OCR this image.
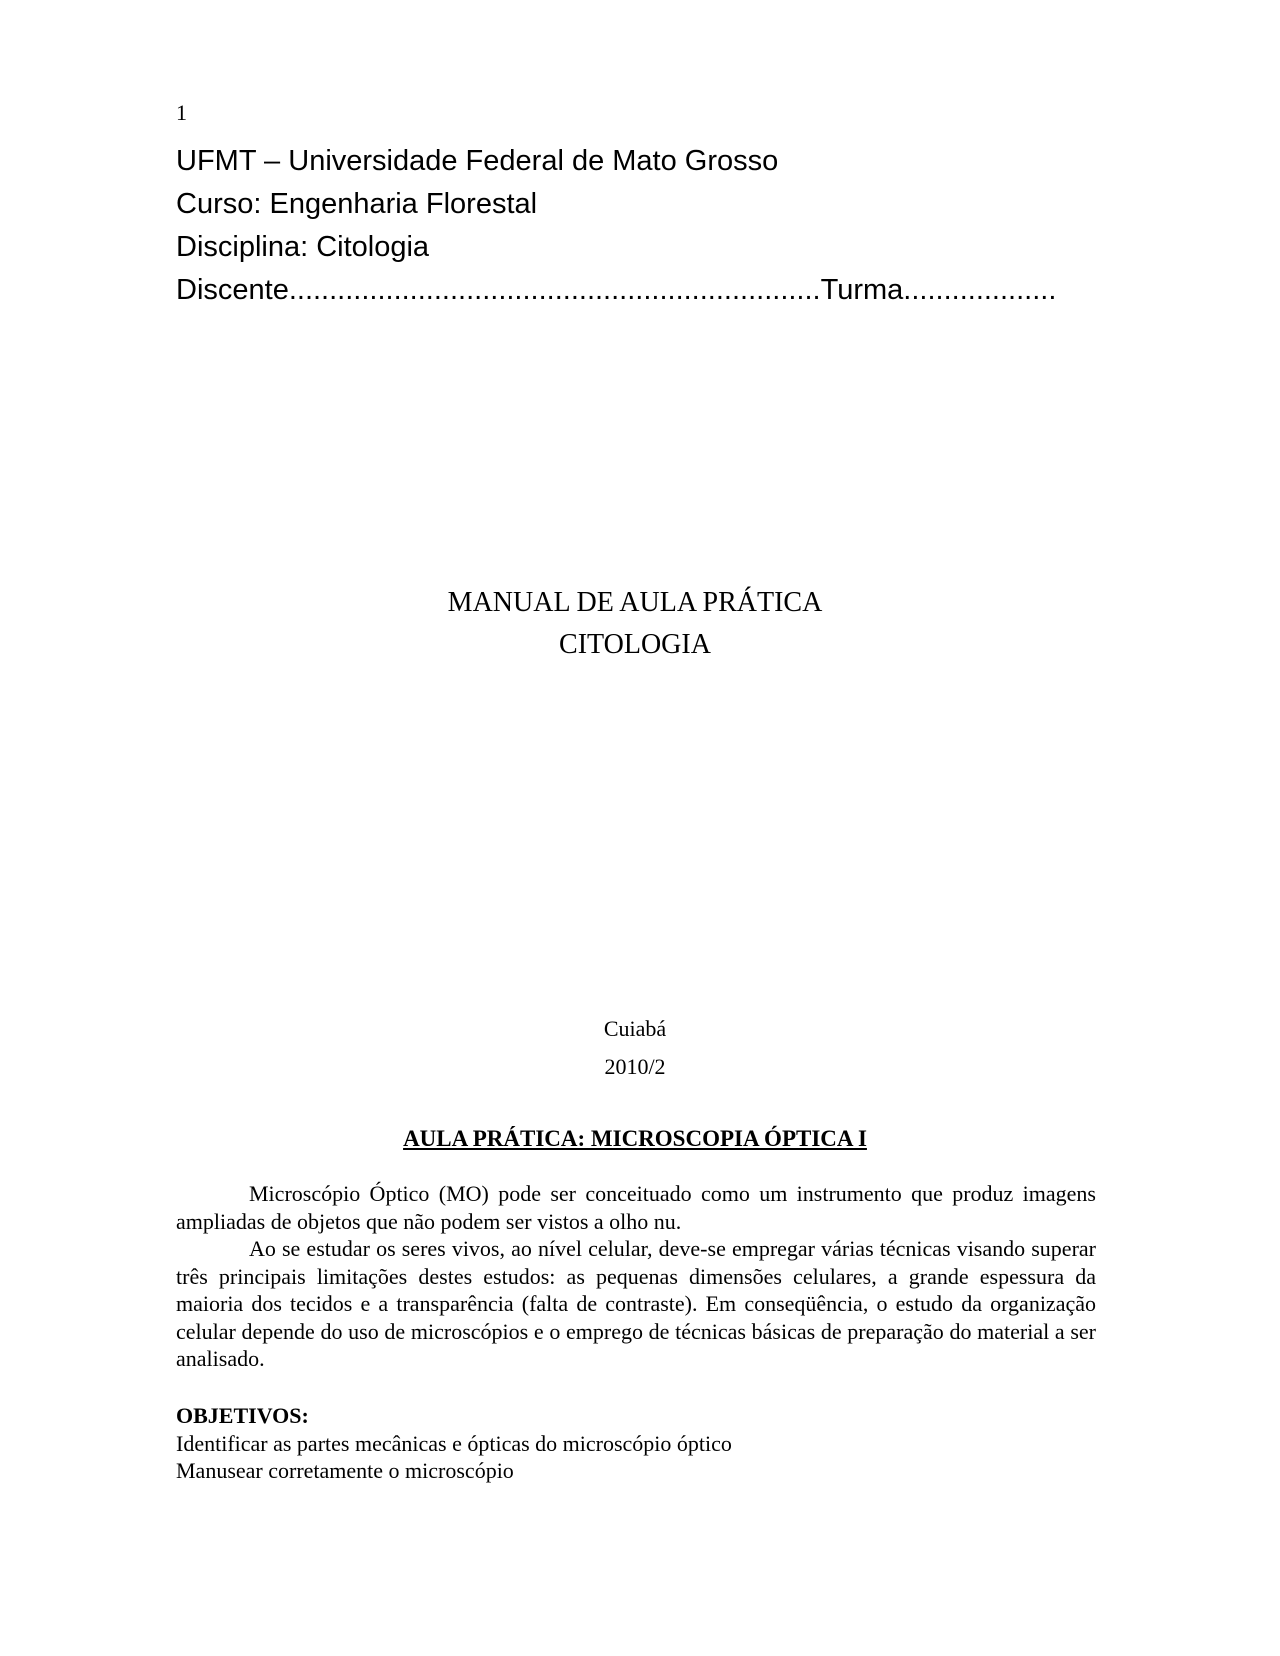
1
UFMT – Universidade Federal de Mato Grosso
Curso: Engenharia Florestal
Disciplina: Citologia
Discente..................................................................Turma...................
MANUAL DE AULA PRÁTICA
CITOLOGIA
Cuiabá
2010/2
AULA PRÁTICA: MICROSCOPIA ÓPTICA I

Microscópio Óptico (MO) pode ser conceituado como um instrumento que produz imagens ampliadas de objetos que não podem ser vistos a olho nu.

Ao se estudar os seres vivos, ao nível celular, deve-se empregar várias técnicas visando superar três principais limitações destes estudos: as pequenas dimensões celulares, a grande espessura da maioria dos tecidos e a transparência (falta de contraste). Em conseqüência, o estudo da organização celular depende do uso de microscópios e o emprego de técnicas básicas de preparação do material a ser analisado.

OBJETIVOS:
Identificar as partes mecânicas e ópticas do microscópio óptico
Manusear corretamente o microscópio
